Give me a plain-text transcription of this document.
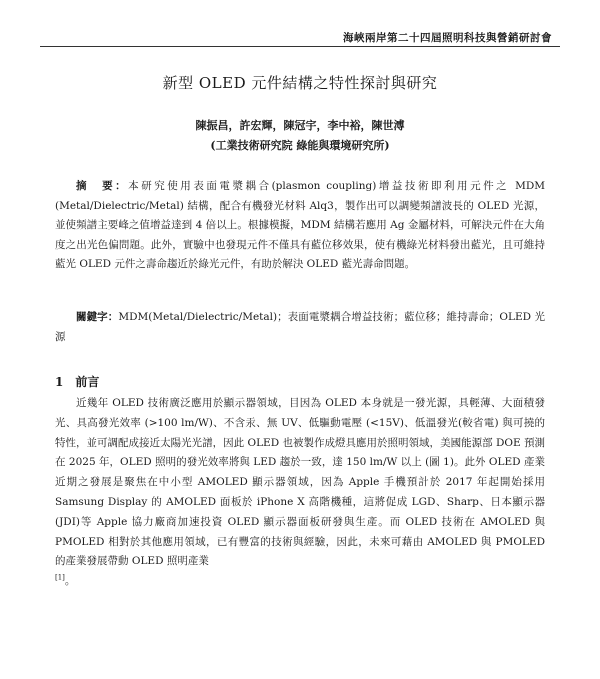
海峽兩岸第二十四屆照明科技與營銷研討會
新型 OLED 元件結構之特性探討與研究
陳振昌，許宏輝，陳冠宇，李中裕，陳世溥
(工業技術研究院 綠能與環境研究所)

摘　要：本研究使用表面電漿耦合(plasmon coupling)增益技術即利用元件之 MDM (Metal/Dielectric/Metal) 結構，配合有機發光材料 Alq3，製作出可以調變頻譜波長的 OLED 光源，並使頻譜主要峰之值增益達到 4 倍以上。根據模擬，MDM 結構若應用 Ag 金屬材料，可解決元件在大角度之出光色偏問題。此外，實驗中也發現元件不僅具有藍位移效果，使有機綠光材料發出藍光，且可維持藍光 OLED 元件之壽命趨近於綠光元件，有助於解決 OLED 藍光壽命問題。

關鍵字：MDM(Metal/Dielectric/Metal)；表面電漿耦合增益技術；藍位移；維持壽命；OLED 光源

1 前言

近幾年 OLED 技術廣泛應用於顯示器領域，目因為 OLED 本身就是一發光源，具輕薄、大面積發光、具高發光效率 (>100 lm/W)、不含汞、無 UV、低驅動電壓 (<15V)、低溫發光(較省電) 與可撓的特性，並可調配成接近太陽光光譜，因此 OLED 也被製作成燈具應用於照明領域，美國能源部 DOE 預測在 2025 年，OLED 照明的發光效率將與 LED 趨於一致，達 150 lm/W 以上 (圖 1)。此外 OLED 產業近期之發展是聚焦在中小型 AMOLED 顯示器領域，因為 Apple 手機預計於 2017 年起開始採用 Samsung Display 的 AMOLED 面板於 iPhone X 高階機種，這將促成 LGD、Sharp、日本顯示器(JDI)等 Apple 協力廠商加速投資 OLED 顯示器面板研發與生產。而 OLED 技術在 AMOLED 與 PMOLED 相對於其他應用領域，已有豐富的技術與經驗，因此，未來可藉由 AMOLED 與 PMOLED 的產業發展帶動 OLED 照明產業
[1]。
